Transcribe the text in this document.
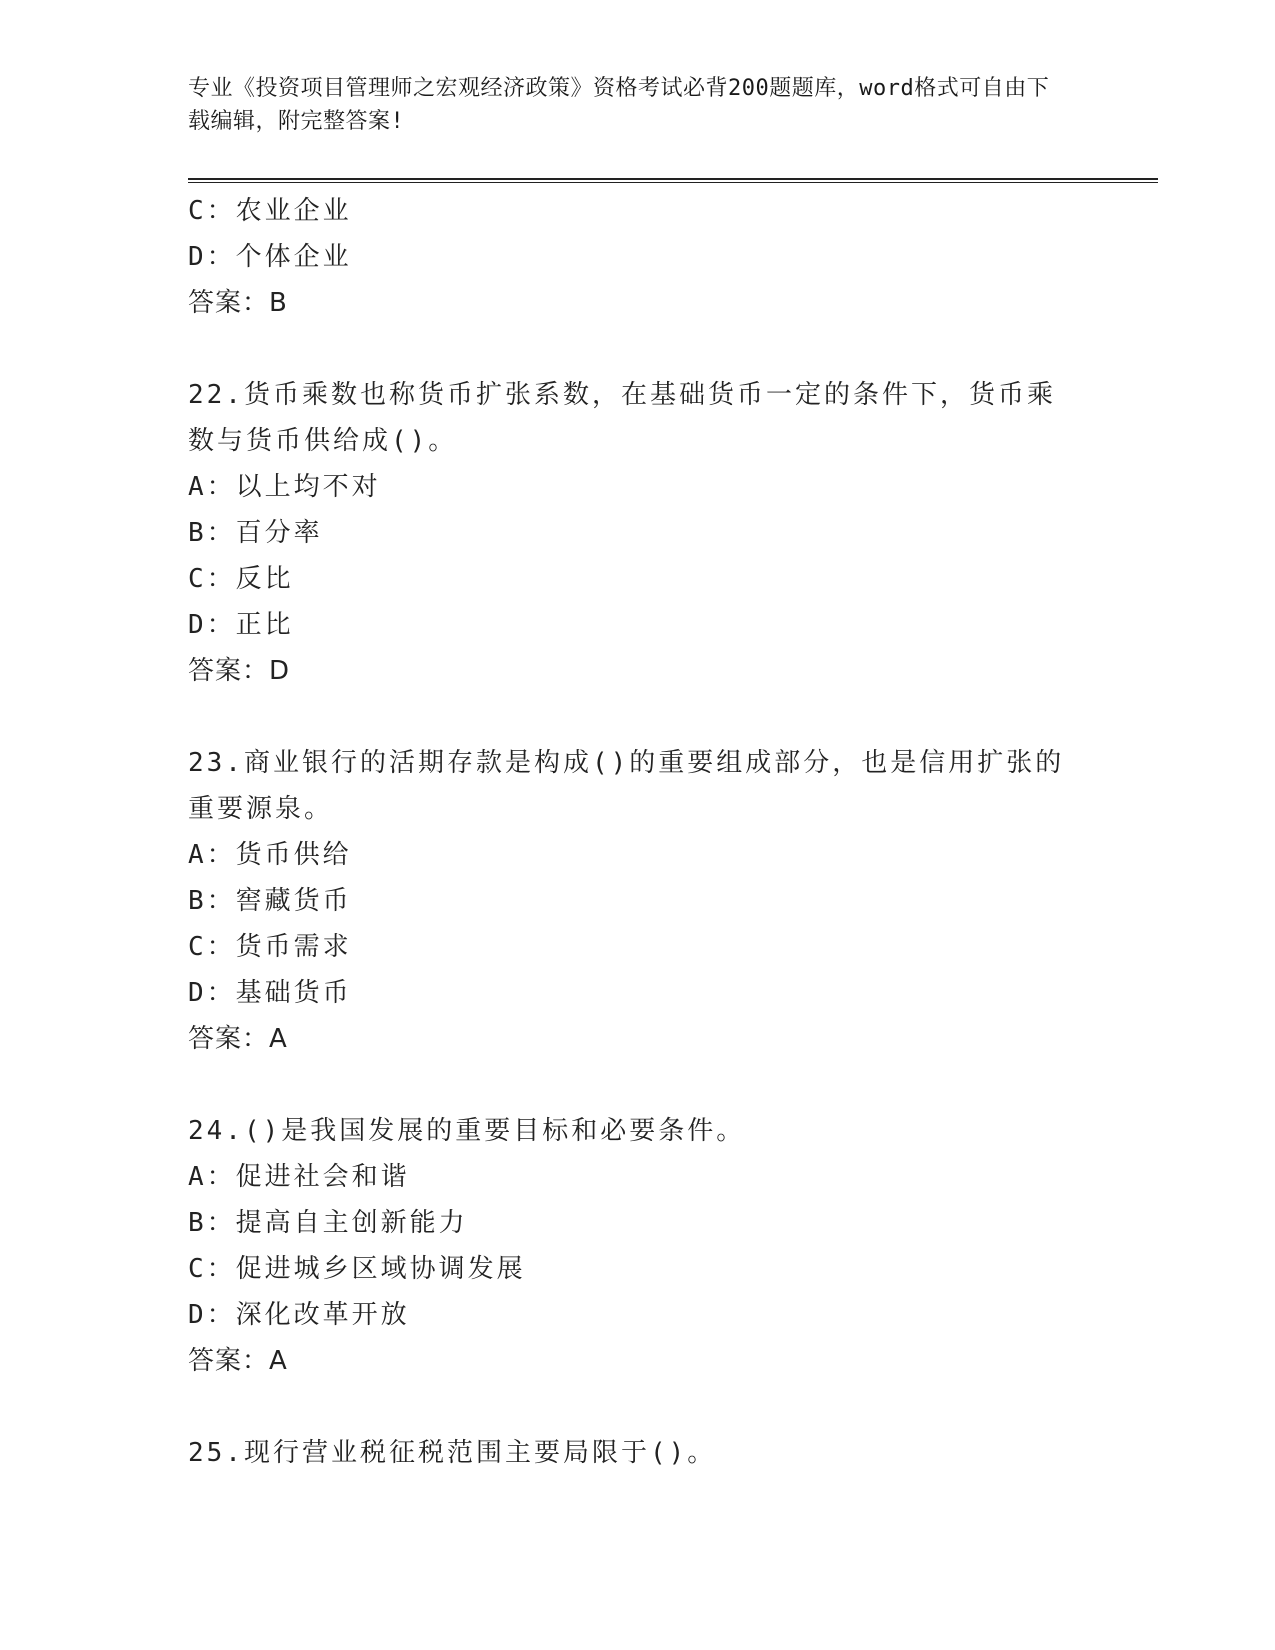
专业《投资项目管理师之宏观经济政策》资格考试必背200题题库，word格式可自由下载编辑，附完整答案!
C：农业企业
D：个体企业
答案：B
22.货币乘数也称货币扩张系数，在基础货币一定的条件下，货币乘数与货币供给成()。
A：以上均不对
B：百分率
C：反比
D：正比
答案：D
23.商业银行的活期存款是构成()的重要组成部分，也是信用扩张的重要源泉。
A：货币供给
B：窖藏货币
C：货币需求
D：基础货币
答案：A
24.()是我国发展的重要目标和必要条件。
A：促进社会和谐
B：提高自主创新能力
C：促进城乡区域协调发展
D：深化改革开放
答案：A
25.现行营业税征税范围主要局限于()。
